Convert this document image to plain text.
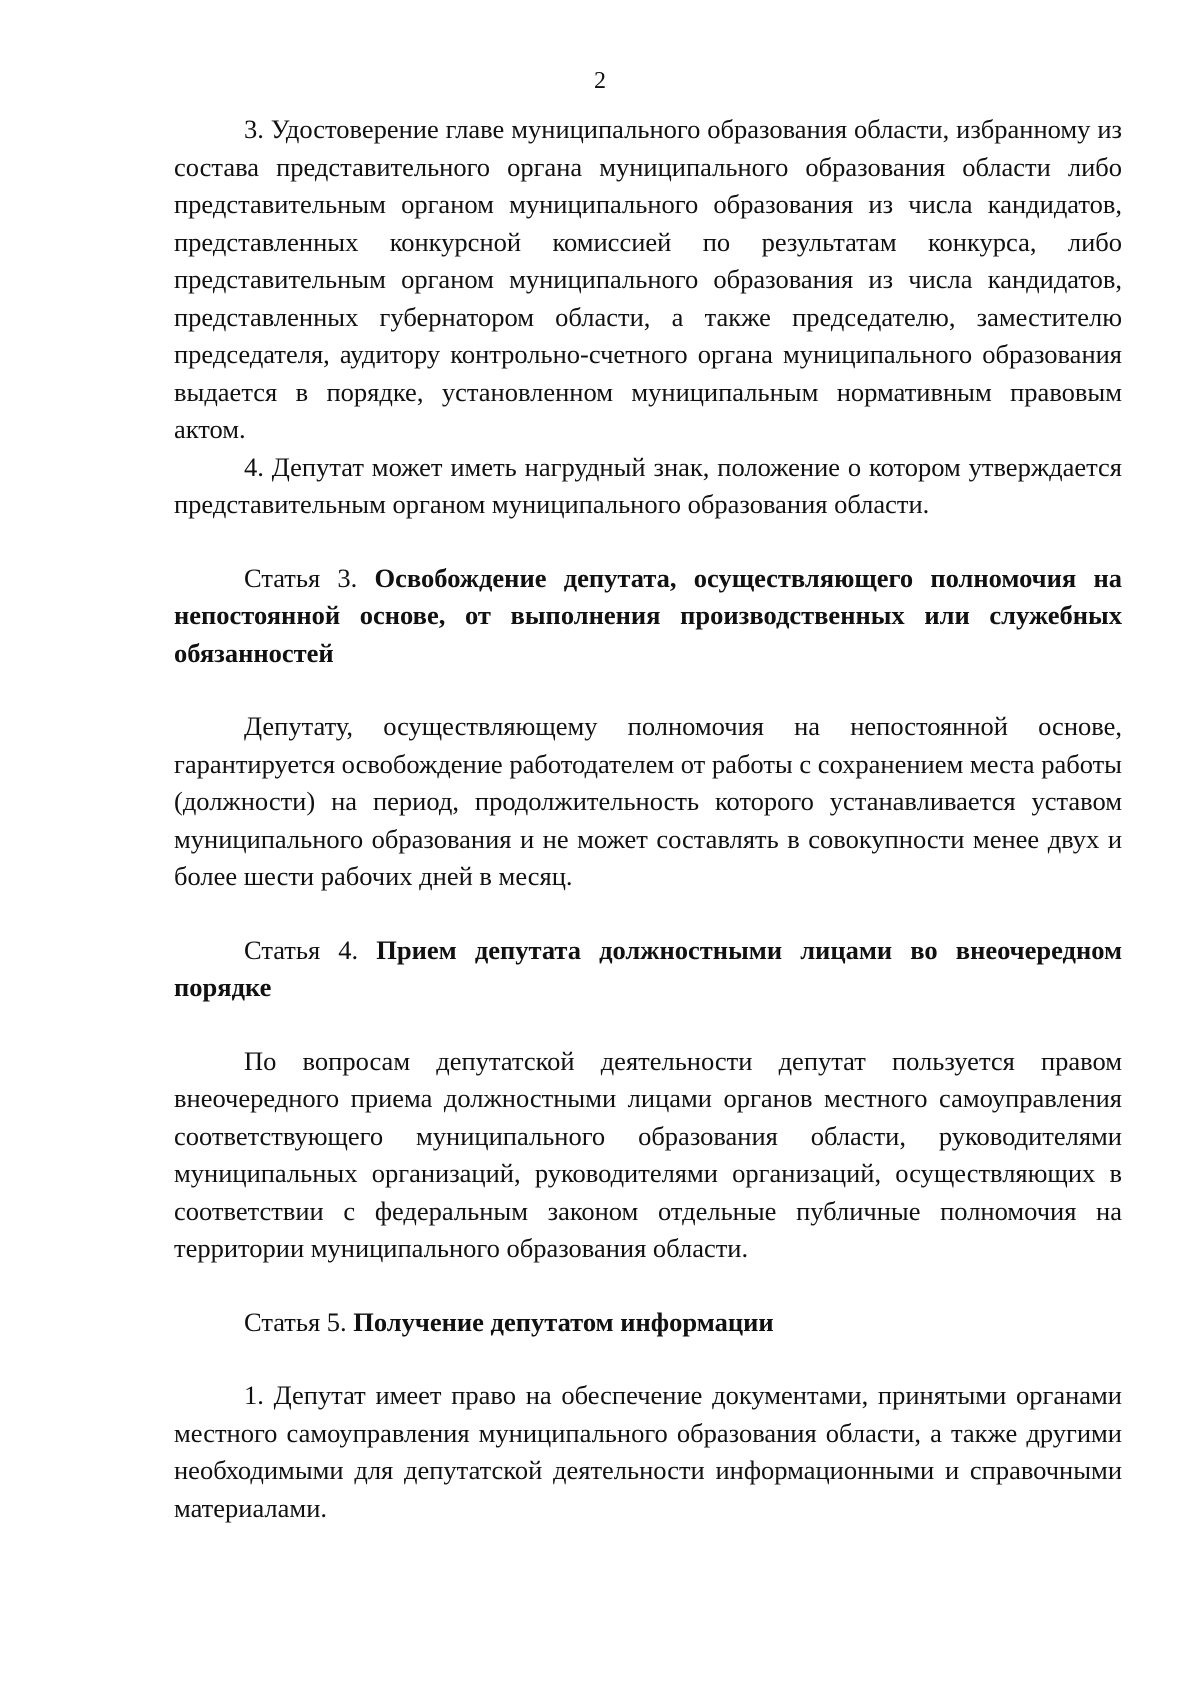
2

3. Удостоверение главе муниципального образования области, избранному из состава представительного органа муниципального образования области либо представительным органом муниципального образования из числа кандидатов, представленных конкурсной комиссией по результатам конкурса, либо представительным органом муниципального образования из числа кандидатов, представленных губернатором области, а также председателю, заместителю председателя, аудитору контрольно-счетного органа муниципального образования выдается в порядке, установленном муниципальным нормативным правовым актом.

4. Депутат может иметь нагрудный знак, положение о котором утверждается представительным органом муниципального образования области.

Статья 3. Освобождение депутата, осуществляющего полномочия на непостоянной основе, от выполнения производственных или служебных обязанностей

Депутату, осуществляющему полномочия на непостоянной основе, гарантируется освобождение работодателем от работы с сохранением места работы (должности) на период, продолжительность которого устанавливается уставом муниципального образования и не может составлять в совокупности менее двух и более шести рабочих дней в месяц.

Статья 4. Прием депутата должностными лицами во внеочередном порядке

По вопросам депутатской деятельности депутат пользуется правом внеочередного приема должностными лицами органов местного самоуправления соответствующего муниципального образования области, руководителями муниципальных организаций, руководителями организаций, осуществляющих в соответствии с федеральным законом отдельные публичные полномочия на территории муниципального образования области.

Статья 5. Получение депутатом информации

1. Депутат имеет право на обеспечение документами, принятыми органами местного самоуправления муниципального образования области, а также другими необходимыми для депутатской деятельности информационными и справочными материалами.
